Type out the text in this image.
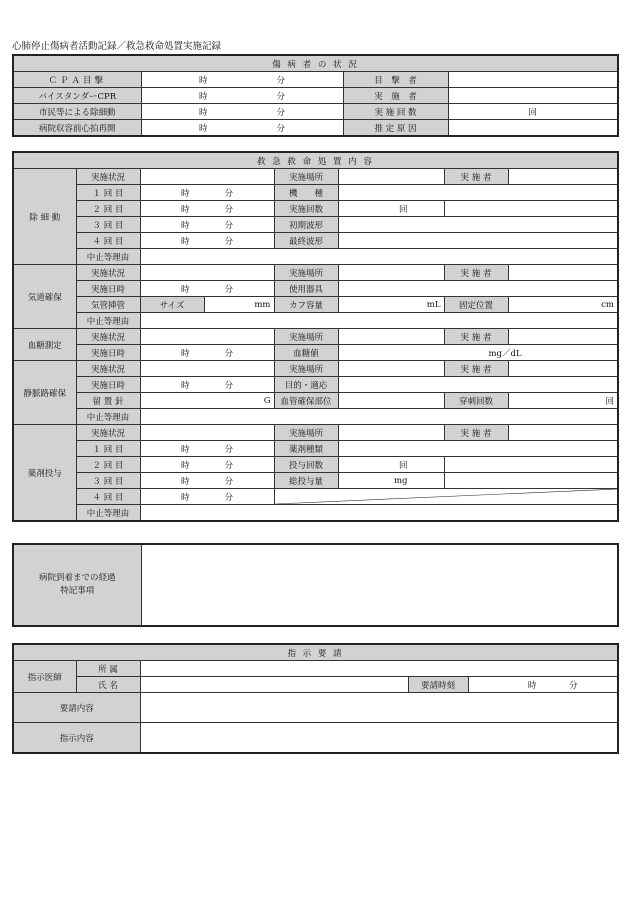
心肺停止傷病者活動記録／救急救命処置実施記録
傷 病 者 の 状 況			
ＣＰＡ目撃	時 分	目　撃　者	
バイスタンダーCPR	時 分	実　施　者	
市民等による除細動	時 分	実 施 回 数	回
病院収容前心拍再開	時 分	推 定 原 因	
救 急 救 命 処 置 内 容							
除 細 動	実施状況			実施場所		実 施 者	
	１ 回 目	時 分		機　　種			
	２ 回 目	時 分		実施回数	回		
	３ 回 目	時 分		初期波形			
	４ 回 目	時 分		最終波形			
	中止等理由						
気道確保	実施状況			実施場所		実 施 者	
	実施日時	時 分		使用器具			
	気管挿管	サイズ	mm	カフ容量	mL	固定位置	cm
	中止等理由						
血糖測定	実施状況			実施場所		実 施 者	
	実施日時	時 分		血糖値	mg／dL		
静脈路確保	実施状況			実施場所		実 施 者	
	実施日時	時 分		目的・適応			
	留 置 針	G		血管確保部位		穿刺回数	回
	中止等理由						
薬剤投与	実施状況			実施場所		実 施 者	
	１ 回 目	時 分		薬剤種類			
	２ 回 目	時 分		投与回数	回		
	３ 回 目	時 分		総投与量	mg		
	４ 回 目	時 分

	中止等理由						
病院到着までの経過
特記事項

指 示 要 請				
指示医師	所 属			
	氏 名		要請時刻	時 分

要請内容				
指示内容				
